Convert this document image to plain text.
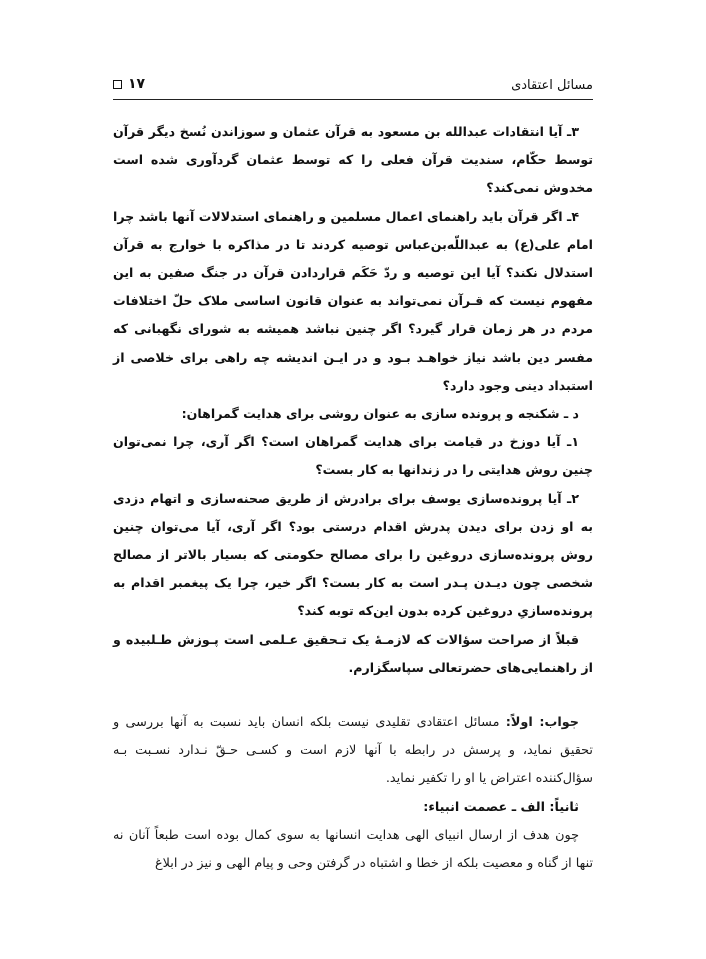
مسائل اعتقادی
۱۷

۳ـ آیا انتقادات عبدالله بن مسعود به قرآن عثمان و سوزاندن نُسخ دیگر قرآن توسط حکّام، سندیت قرآن فعلی را که توسط عثمان گردآوری شده است مخدوش نمی‌کند؟

۴ـ اگر قرآن باید راهنمای اعمال مسلمین و راهنمای استدلالات آنها باشد چرا امام علی(ع) به عبداللّه‌بن‌عباس توصیه کردند تا در مذاکره با خوارج به قرآن استدلال نکند؟ آیا این توصیه و ردّ حَکَم قراردادن قرآن در جنگ صفین به این مفهوم نیست که قـرآن نمی‌تواند به عنوان قانون اساسی ملاک حلّ اختلافات مردم در هر زمان قرار گیرد؟ اگر چنین نباشد همیشه به شورای نگهبانی که مفسر دین باشد نیاز خواهـد بـود و در ایـن اندیشه چه راهی برای خلاصی از استبداد دینی وجود دارد؟

د ـ شکنجه و پرونده سازی به عنوان روشی برای هدایت گمراهان:

۱ـ آیا دوزخ در قیامت برای هدایت گمراهان است؟ اگر آری، چرا نمی‌توان چنین روش هدایتی را در زندانها به کار بست؟

۲ـ آیا پرونده‌سازی یوسف برای برادرش از طریق صحنه‌سازی و اتهام دزدی به او زدن برای دیدن پدرش اقدام درستی بود؟ اگر آری، آیا می‌توان چنین روش پرونده‌سازی دروغین را برای مصالح حکومتی که بسیار بالاتر از مصالح شخصی چون دیـدن پـدر است به کار بست؟ اگر خیر، چرا یک پیغمبر اقدام به پرونده‌سازیِ دروغین کرده بدون این‌که توبه کند؟

قبلاً از صراحت سؤالات که لازمـهٔ یک تـحقیق عـلمی است پـوزش طـلبیده و از راهنمایی‌های حضرتعالی سپاسگزارم.

جواب: اولاً: مسائل اعتقادی تقلیدی نیست بلکه انسان باید نسبت به آنها بررسی و تحقیق نماید، و پرسش در رابطه با آنها لازم است و کسـی حـقّ نـدارد نسـبت بـه سؤال‌کننده اعتراض یا او را تکفیر نماید.

ثانیاً: الف ـ عصمت انبیاء:

چون هدف از ارسال انبیای الهی هدایت انسانها به سوی کمال بوده است طبعاً آنان نه تنها از گناه و معصیت بلکه از خطا و اشتباه در گرفتن وحی و پیام الهی و نیز در ابلاغ
